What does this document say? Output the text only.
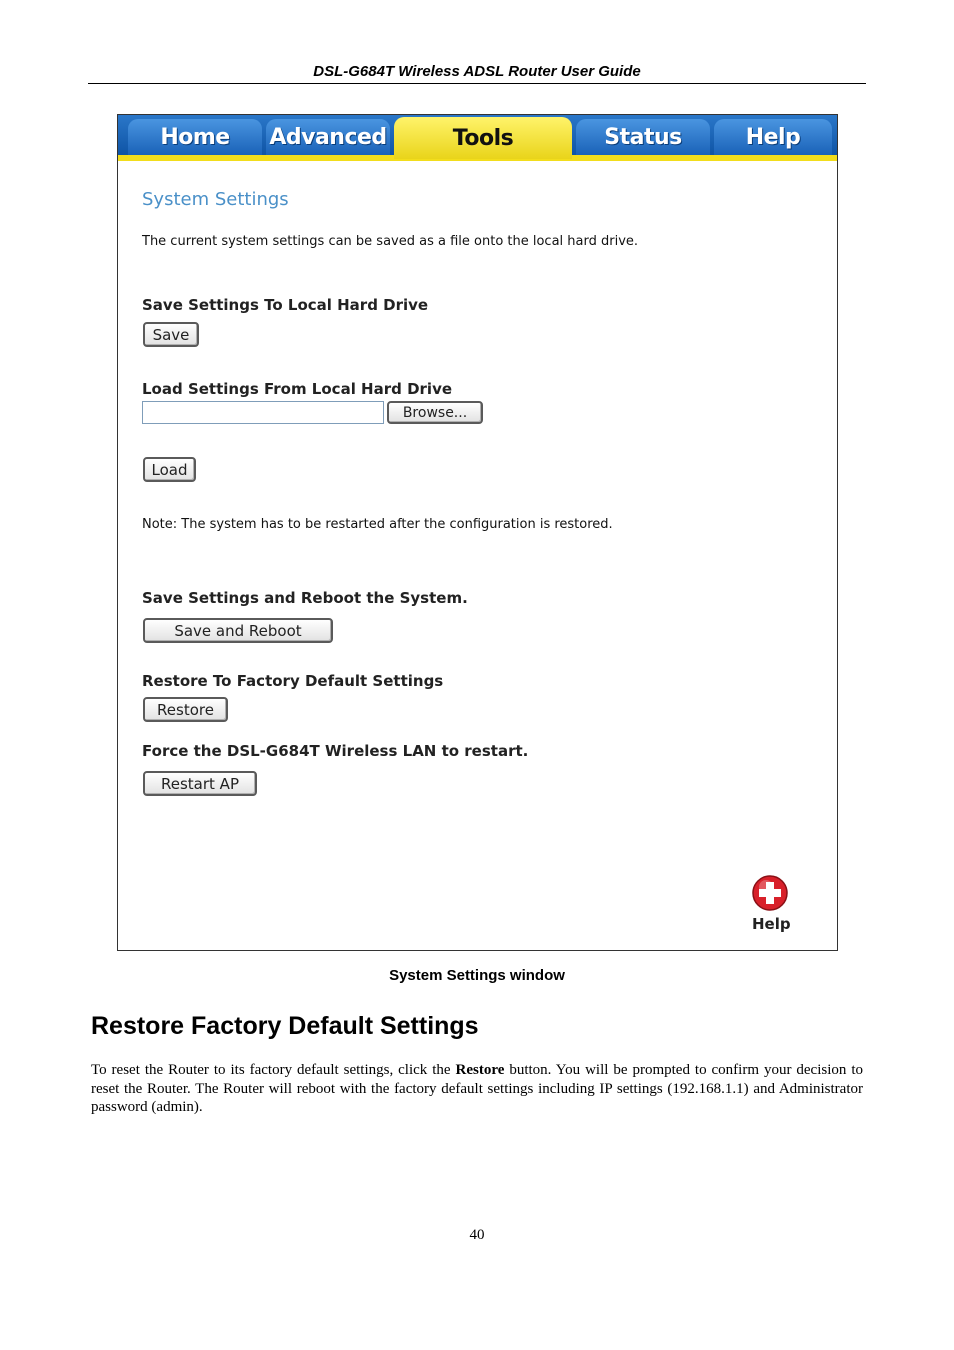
DSL-G684T Wireless ADSL Router User Guide
Home	Advanced	Tools	Status	Help
System Settings
The current system settings can be saved as a file onto the local hard drive.
Save Settings To Local Hard Drive
Save
Load Settings From Local Hard Drive
Browse...
Load
Note: The system has to be restarted after the configuration is restored.
Save Settings and Reboot the System.
Save and Reboot
Restore To Factory Default Settings
Restore
Force the DSL-G684T Wireless LAN to restart.
Restart AP
Help
System Settings window
Restore Factory Default Settings
To reset the Router to its factory default settings, click the Restore button. You will be prompted to confirm your decision to reset the Router. The Router will reboot with the factory default settings including IP settings (192.168.1.1) and Administrator password (admin).
40
